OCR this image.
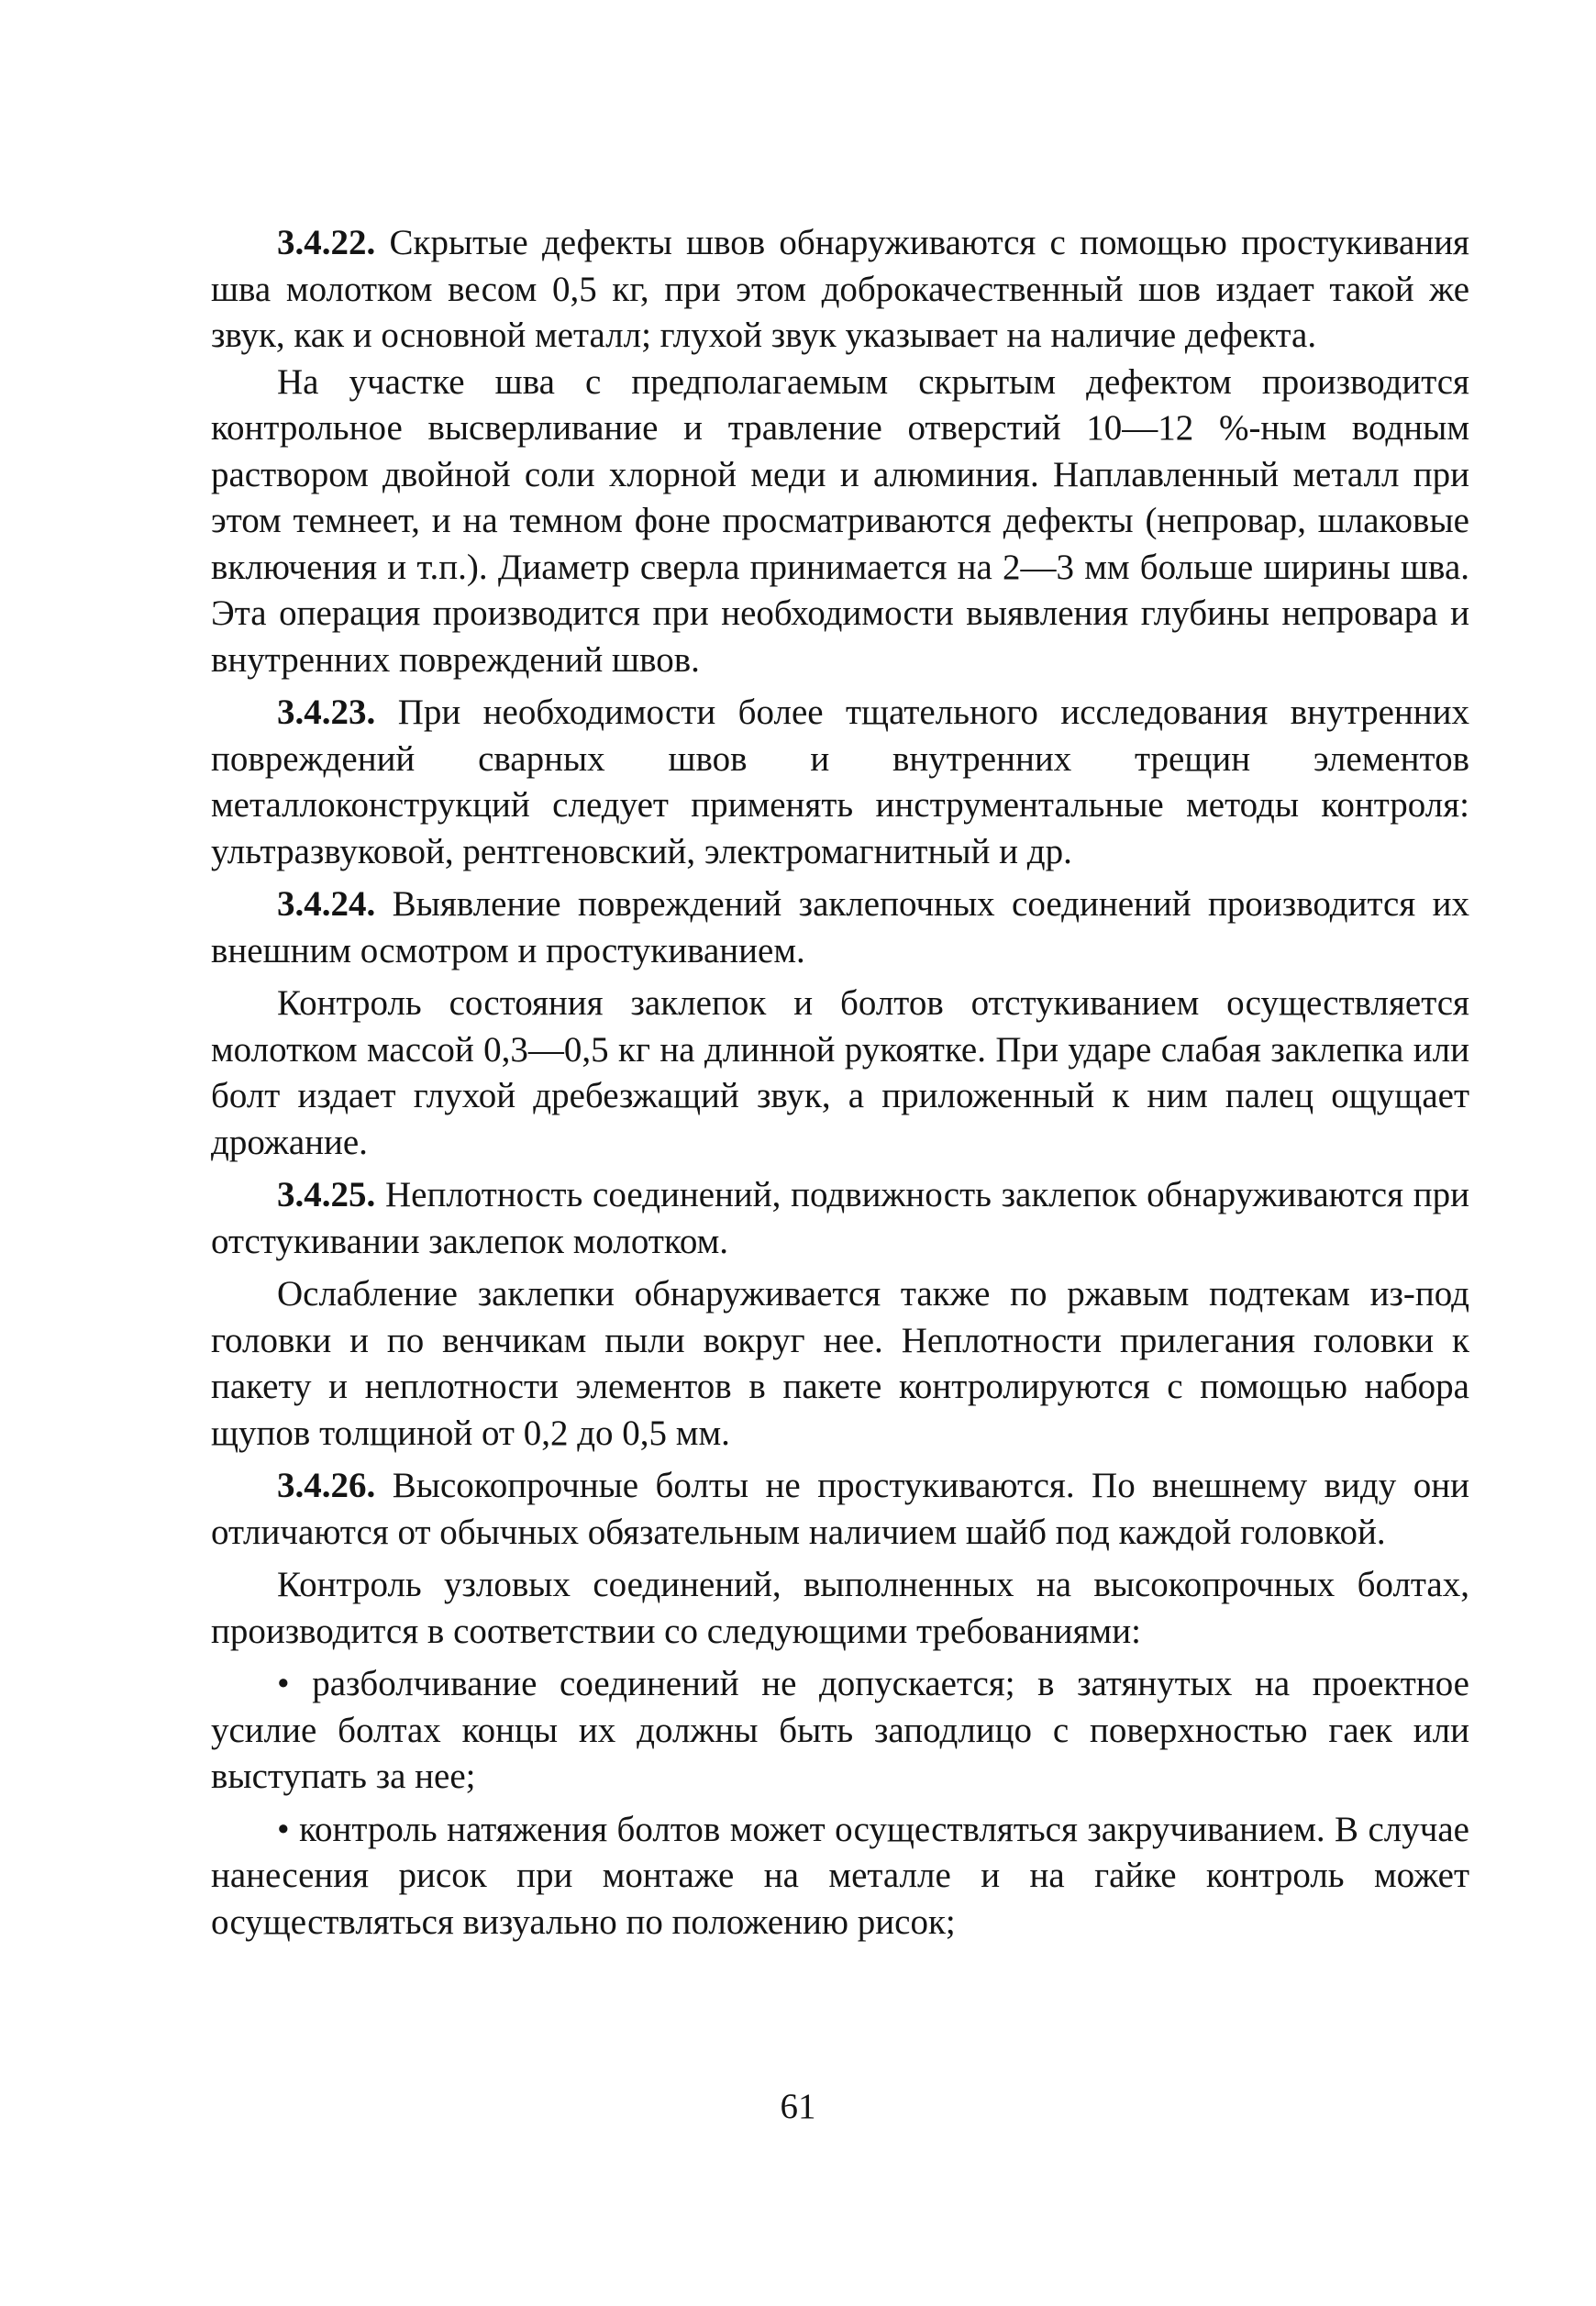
3.4.22. Скрытые дефекты швов обнаруживаются с помощью простукивания шва молотком весом 0,5 кг, при этом доброкачественный шов издает такой же звук, как и основной металл; глухой звук указывает на наличие дефекта.

На участке шва с предполагаемым скрытым дефектом производится контрольное высверливание и травление отверстий 10—12 %-ным водным раствором двойной соли хлорной меди и алюминия. Наплавленный металл при этом темнеет, и на темном фоне просматриваются дефекты (непровар, шлаковые включения и т.п.). Диаметр сверла принимается на 2—3 мм больше ширины шва. Эта операция производится при необходимости выявления глубины непровара и внутренних повреждений швов.

3.4.23. При необходимости более тщательного исследования внутренних повреждений сварных швов и внутренних трещин элементов металлоконструкций следует применять инструментальные методы контроля: ультразвуковой, рентгеновский, электромагнитный и др.

3.4.24. Выявление повреждений заклепочных соединений производится их внешним осмотром и простукиванием.

Контроль состояния заклепок и болтов отстукиванием осуществляется молотком массой 0,3—0,5 кг на длинной рукоятке. При ударе слабая заклепка или болт издает глухой дребезжащий звук, а приложенный к ним палец ощущает дрожание.

3.4.25. Неплотность соединений, подвижность заклепок обнаруживаются при отстукивании заклепок молотком.

Ослабление заклепки обнаруживается также по ржавым подтекам из-под головки и по венчикам пыли вокруг нее. Неплотности прилегания головки к пакету и неплотности элементов в пакете контролируются с помощью набора щупов толщиной от 0,2 до 0,5 мм.

3.4.26. Высокопрочные болты не простукиваются. По внешнему виду они отличаются от обычных обязательным наличием шайб под каждой головкой.

Контроль узловых соединений, выполненных на высокопрочных болтах, производится в соответствии со следующими требованиями:

• разболчивание соединений не допускается; в затянутых на проектное усилие болтах концы их должны быть заподлицо с поверхностью гаек или выступать за нее;

• контроль натяжения болтов может осуществляться закручиванием. В случае нанесения рисок при монтаже на металле и на гайке контроль может осуществляться визуально по положению рисок;

61
